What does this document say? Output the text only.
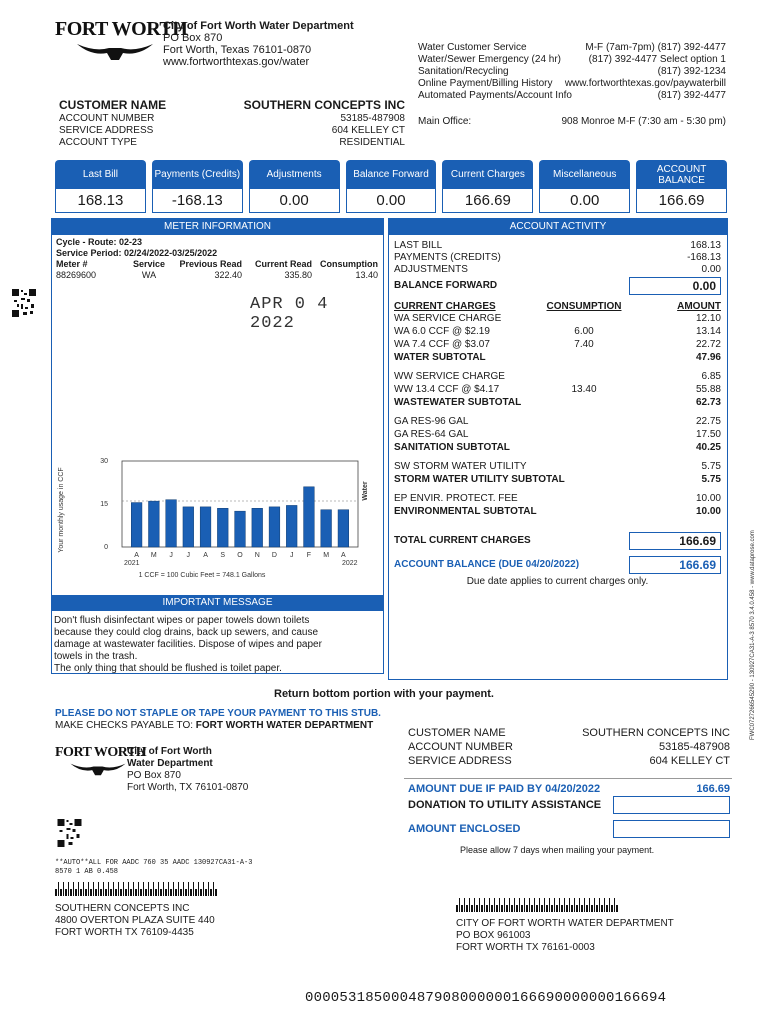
FORT WORTH
City of Fort Worth Water Department
PO Box 870
Fort Worth, Texas 76101-0870
www.fortworthtexas.gov/water
Water Customer Service	M-F (7am-7pm) (817) 392-4477
Water/Sewer Emergency (24 hr)	(817) 392-4477 Select option 1
Sanitation/Recycling	(817) 392-1234
Online Payment/Billing History www.fortworthtexas.gov/paywaterbill
Automated Payments/Account Info	(817) 392-4477
Main Office:	908 Monroe M-F (7:30 am - 5:30 pm)
CUSTOMER NAME	SOUTHERN CONCEPTS INC
ACCOUNT NUMBER	53185-487908
SERVICE ADDRESS	604 KELLEY CT
ACCOUNT TYPE	RESIDENTIAL
Last Bill
168.13
Payments (Credits)
-168.13
Adjustments
0.00
Balance Forward
0.00
Current Charges
166.69
Miscellaneous
0.00
ACCOUNT BALANCE
166.69
METER INFORMATION
Cycle - Route: 02-23
Service Period: 02/24/2022-03/25/2022
Meter #	Service	Previous Read	Current Read Consumption
88269600	WA	322.40	335.80	13.40
APR 0 4 2022
Your monthly usage in CCF	Water
0
15
30
A M J J A S O N D J F M A
2021	2022
1 CCF = 100 Cubic Feet = 748.1 Gallons
IMPORTANT MESSAGE
Don't flush disinfectant wipes or paper towels down toilets
because they could clog drains, back up sewers, and cause
damage at wastewater facilities. Dispose of wipes and paper
towels in the trash.
The only thing that should be flushed is toilet paper.
ACCOUNT ACTIVITY
LAST BILL	168.13
PAYMENTS (CREDITS)	-168.13
ADJUSTMENTS	0.00
BALANCE FORWARD	0.00
CURRENT CHARGES	CONSUMPTION	AMOUNT
WA SERVICE CHARGE	12.10
WA 6.0 CCF @ $2.19	6.00	13.14
WA 7.4 CCF @ $3.07	7.40	22.72
WATER SUBTOTAL	47.96
WW SERVICE CHARGE	6.85
WW 13.4 CCF @ $4.17	13.40	55.88
WASTEWATER SUBTOTAL	62.73
GA RES-96 GAL	22.75
GA RES-64 GAL	17.50
SANITATION SUBTOTAL	40.25
SW STORM WATER UTILITY	5.75
STORM WATER UTILITY SUBTOTAL	5.75
EP ENVIR. PROTECT. FEE	10.00
ENVIRONMENTAL SUBTOTAL	10.00
TOTAL CURRENT CHARGES	166.69
ACCOUNT BALANCE (DUE 04/20/2022)	166.69
Due date applies to current charges only.	FWC0727266545290 - 130927CA31-A-3 8570 3.4.0.458 - www.dataprose.com
Return bottom portion with your payment.
PLEASE DO NOT STAPLE OR TAPE YOUR PAYMENT TO THIS STUB.
MAKE CHECKS PAYABLE TO: FORT WORTH WATER DEPARTMENT
FORT WORTH
City of Fort Worth
Water Department
PO Box 870
Fort Worth, TX 76101-0870
CUSTOMER NAME	SOUTHERN CONCEPTS INC
ACCOUNT NUMBER	53185-487908
SERVICE ADDRESS	604 KELLEY CT
AMOUNT DUE IF PAID BY 04/20/2022	166.69
DONATION TO UTILITY ASSISTANCE
AMOUNT ENCLOSED
Please allow 7 days when mailing your payment.
**AUTO**ALL FOR AADC 760 35 AADC 130927CA31-A-3
8570 1 AB 0.458
SOUTHERN CONCEPTS INC
4800 OVERTON PLAZA SUITE 440
FORT WORTH TX 76109-4435
CITY OF FORT WORTH WATER DEPARTMENT
PO BOX 961003
FORT WORTH TX 76161-0003
000053185000487908000000166690000000166694
